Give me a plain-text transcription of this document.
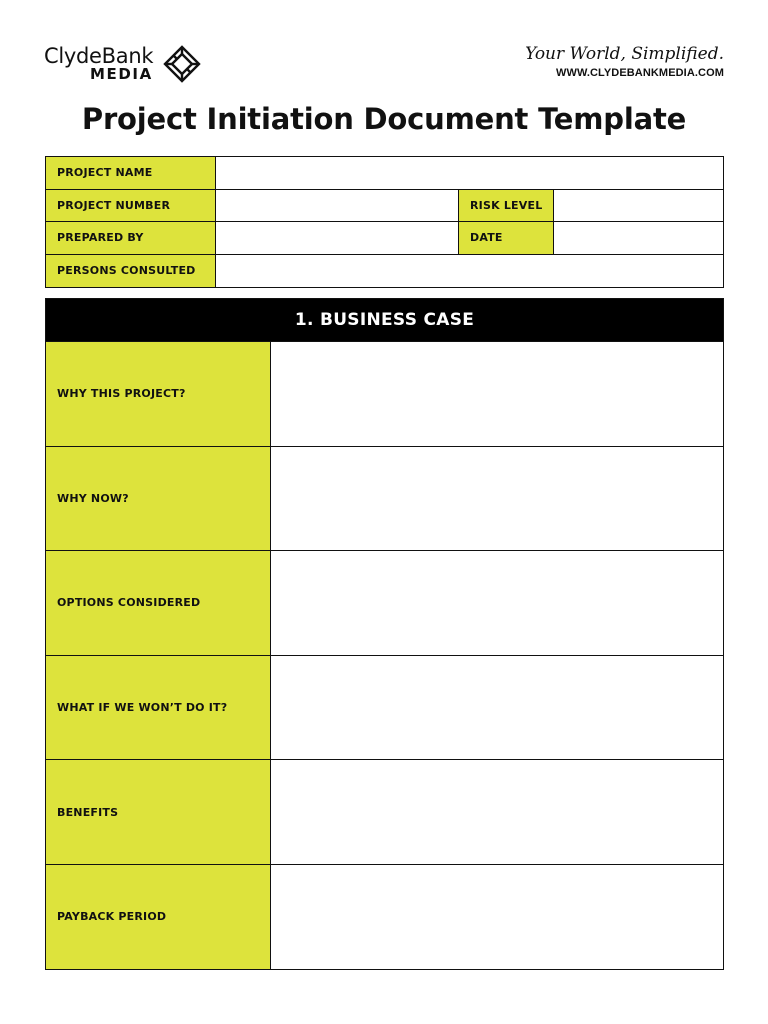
ClydeBank
MEDIA
Your World, Simplified.
WWW.CLYDEBANKMEDIA.COM
Project Initiation Document Template
PROJECT NAME
PROJECT NUMBER	RISK LEVEL
PREPARED BY	DATE
PERSONS CONSULTED
1. BUSINESS CASE
WHY THIS PROJECT?
WHY NOW?
OPTIONS CONSIDERED
WHAT IF WE WON’T DO IT?
BENEFITS
PAYBACK PERIOD
